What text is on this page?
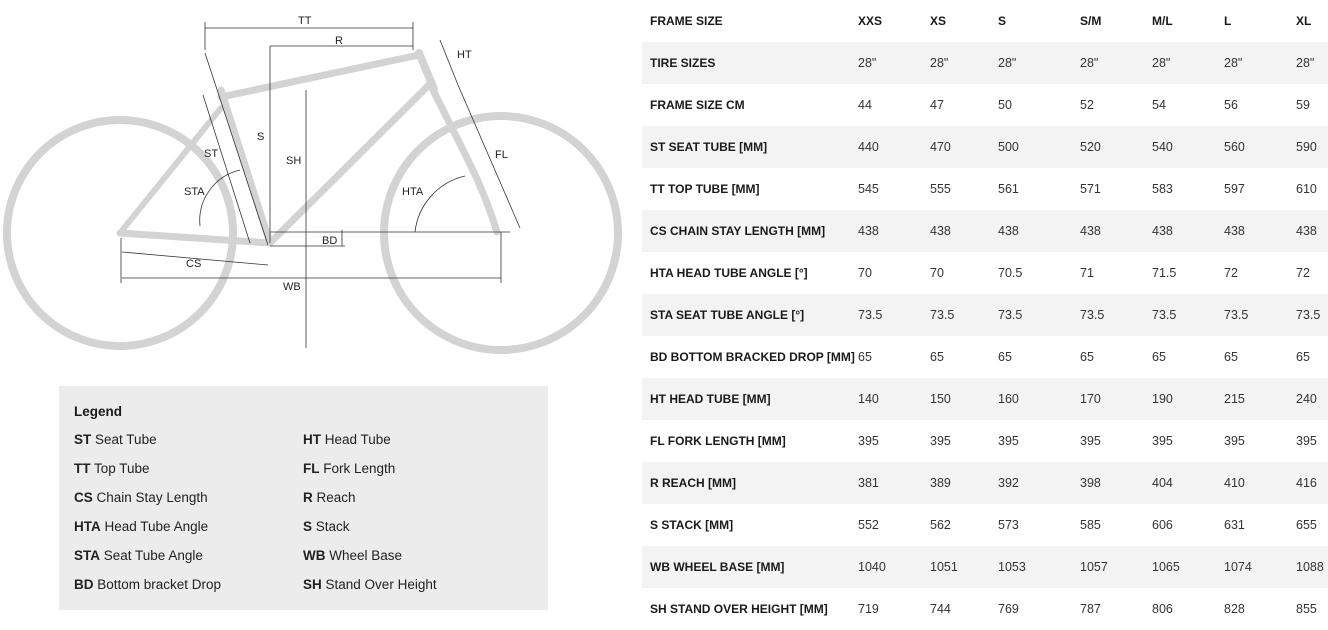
TT
R
HT
S
SH
ST
STA
FL
HTA
BD
CS
WB
Legend
ST Seat Tube
TT Top Tube
CS Chain Stay Length
HTA Head Tube Angle
STA Seat Tube Angle
BD Bottom bracket Drop
HT Head Tube
FL Fork Length
R Reach
S Stack
WB Wheel Base
SH Stand Over Height
FRAME SIZE	XXS	XS	S	S/M	M/L	L	XL
TIRE SIZES	28"	28"	28"	28"	28"	28"	28"
FRAME SIZE CM	44	47	50	52	54	56	59
ST SEAT TUBE [MM]	440	470	500	520	540	560	590
TT TOP TUBE [MM]	545	555	561	571	583	597	610
CS CHAIN STAY LENGTH [MM]	438	438	438	438	438	438	438
HTA HEAD TUBE ANGLE [°]	70	70	70.5	71	71.5	72	72
STA SEAT TUBE ANGLE [°]	73.5	73.5	73.5	73.5	73.5	73.5	73.5
BD BOTTOM BRACKED DROP [MM]	65	65	65	65	65	65	65
HT HEAD TUBE [MM]	140	150	160	170	190	215	240
FL FORK LENGTH [MM]	395	395	395	395	395	395	395
R REACH [MM]	381	389	392	398	404	410	416
S STACK [MM]	552	562	573	585	606	631	655
WB WHEEL BASE [MM]	1040	1051	1053	1057	1065	1074	1088
SH STAND OVER HEIGHT [MM]	719	744	769	787	806	828	855
